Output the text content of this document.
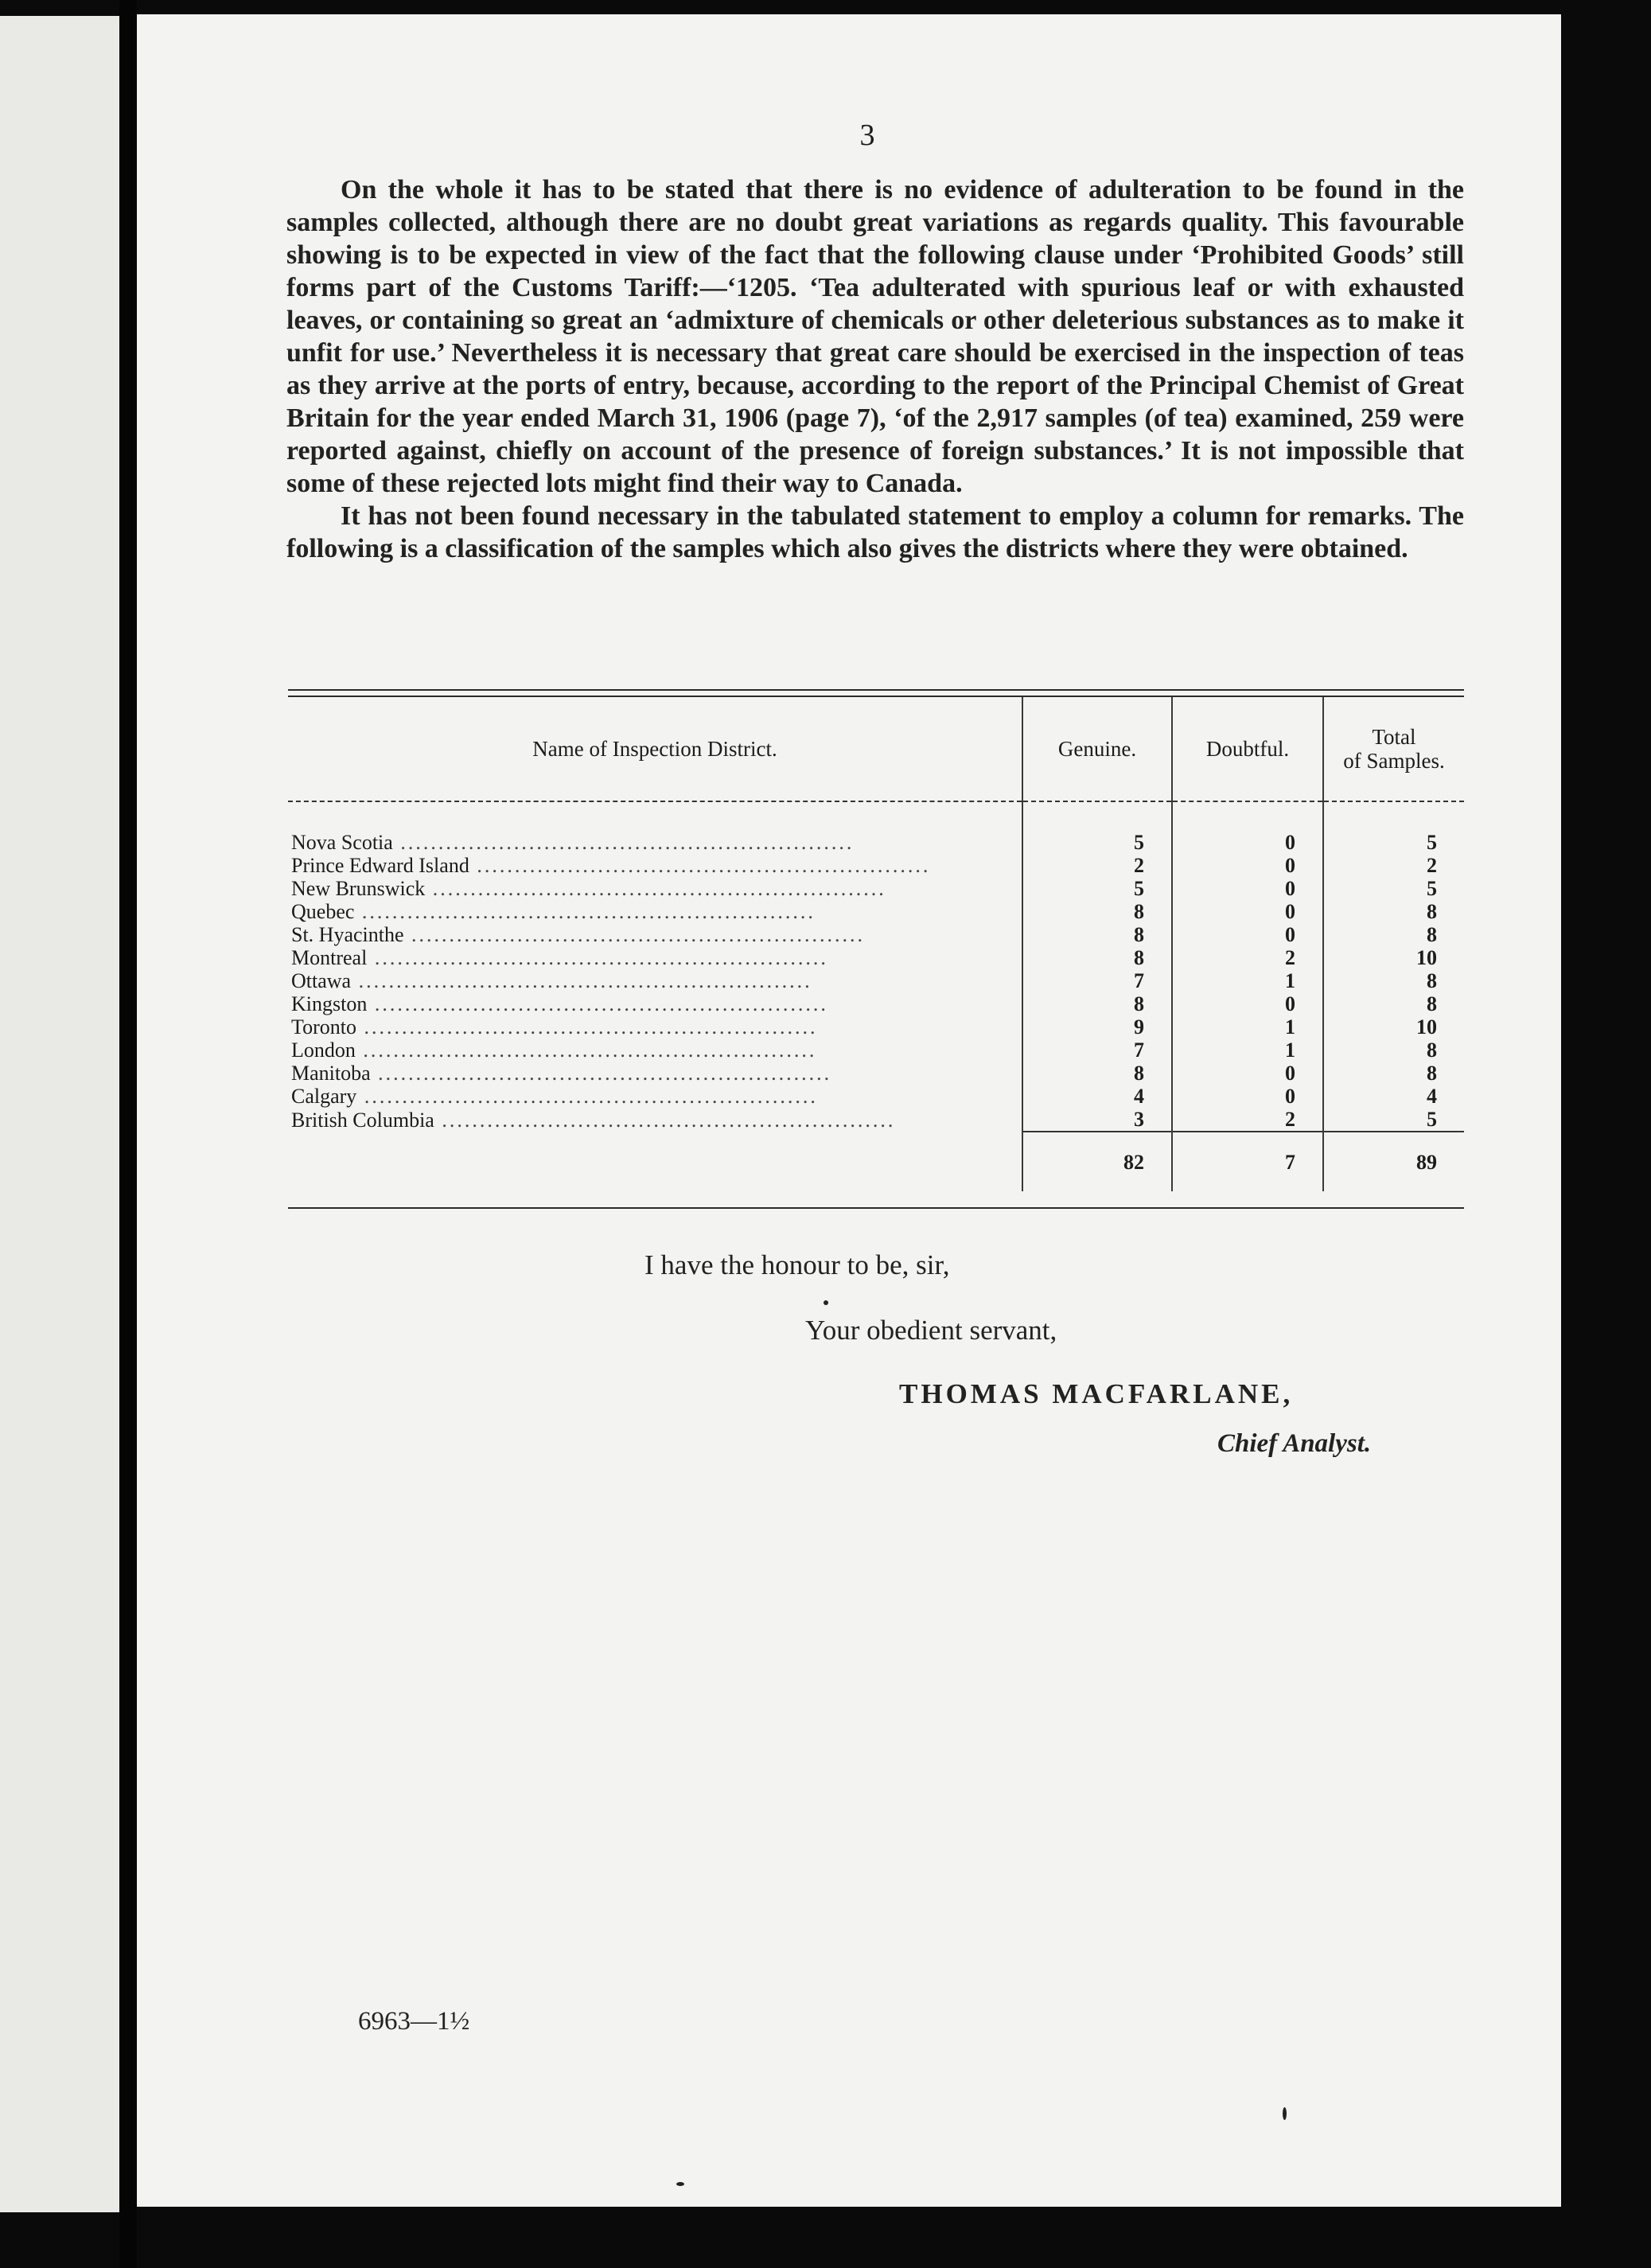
3

On the whole it has to be stated that there is no evidence of adulteration to be found in the samples collected, although there are no doubt great variations as regards quality. This favourable showing is to be expected in view of the fact that the following clause under ‘Prohibited Goods’ still forms part of the Customs Tariff:—‘1205. ‘Tea adulterated with spurious leaf or with exhausted leaves, or containing so great an ‘admixture of chemicals or other deleterious substances as to make it unfit for use.’ Nevertheless it is necessary that great care should be exercised in the inspection of teas as they arrive at the ports of entry, because, according to the report of the Principal Chemist of Great Britain for the year ended March 31, 1906 (page 7), ‘of the 2,917 samples (of tea) examined, 259 were reported against, chiefly on account of the presence of foreign substances.’ It is not impossible that some of these rejected lots might find their way to Canada.

It has not been found necessary in the tabulated statement to employ a column for remarks. The following is a classification of the samples which also gives the districts where they were obtained.

Name of Inspection District.	Genuine.	Doubtful.	Total
of Samples.
Nova Scotia ............................................................	5	0	5
Prince Edward Island ............................................................	2	0	2
New Brunswick ............................................................	5	0	5
Quebec ............................................................	8	0	8
St. Hyacinthe ............................................................	8	0	8
Montreal ............................................................	8	2	10
Ottawa ............................................................	7	1	8
Kingston ............................................................	8	0	8
Toronto ............................................................	9	1	10
London ............................................................	7	1	8
Manitoba ............................................................	8	0	8
Calgary ............................................................	4	0	4
British Columbia ............................................................	3	2	5
	82	7	89
I have the honour to be, sir,
Your obedient servant,
THOMAS MACFARLANE,
Chief Analyst.
6963—1½
